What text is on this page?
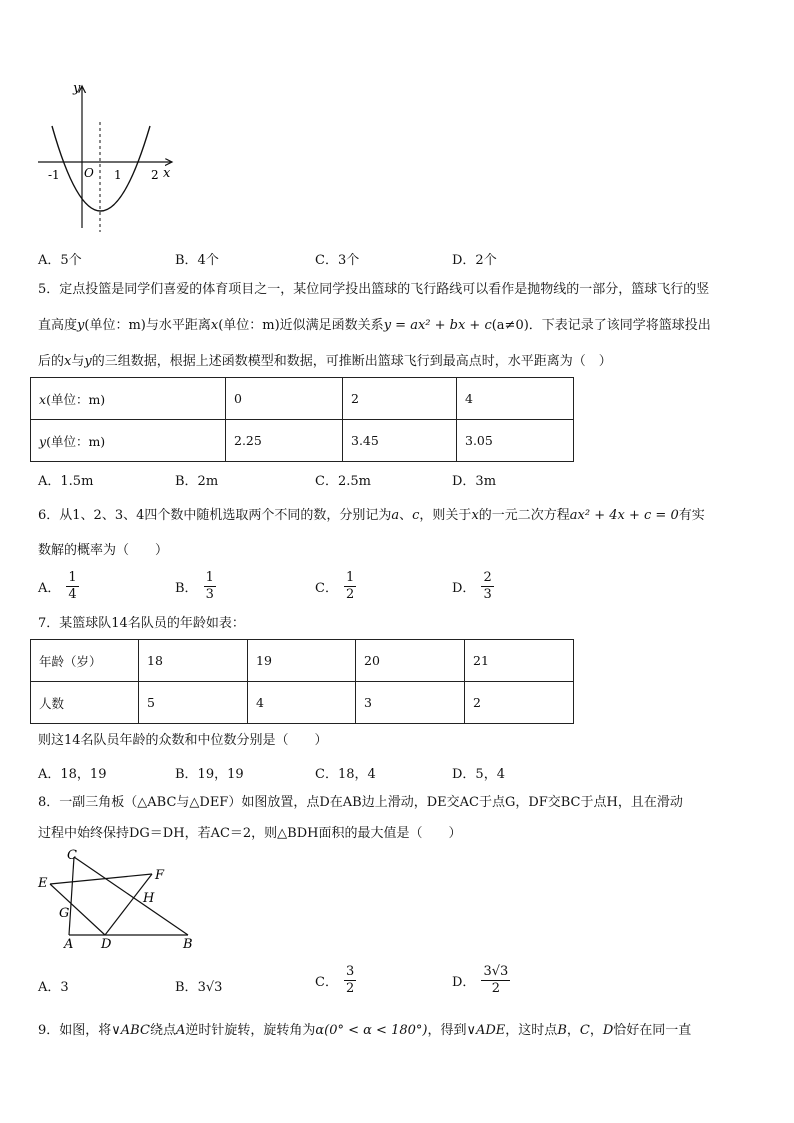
y
x
O
-1	1 2
A．5个	B．4个	C．3个	D．2个
5．定点投篮是同学们喜爱的体育项目之一，某位同学投出篮球的飞行路线可以看作是抛物线的一部分，篮球飞行的竖
直高度y(单位：m)与水平距离x(单位：m)近似满足函数关系y = ax² + bx + c(a≠0)．下表记录了该同学将篮球投出
后的x与y的三组数据，根据上述函数模型和数据，可推断出篮球飞行到最高点时，水平距离为（　）
x(单位：m)	0	2	4
y(单位：m)	2.25	3.45	3.05
A．1.5m	B．2m	C．2.5m	D．3m
6．从1、2、3、4四个数中随机选取两个不同的数，分别记为a、c，则关于x的一元二次方程ax² + 4x + c = 0有实
数解的概率为（　　）
A． $\frac{1}{4}$	B． $\frac{1}{3}$	C． $\frac{1}{2}$	D． $\frac{2}{3}$
7．某篮球队14名队员的年龄如表：
年龄（岁）	18	19	20	21
人数	5	4	3	2
则这14名队员年龄的众数和中位数分别是（　　）
A．18，19	B．19，19	C．18，4	D．5，4
8．一副三角板（△ABC与△DEF）如图放置，点D在AB边上滑动，DE交AC于点G，DF交BC于点H，且在滑动
过程中始终保持DG＝DH，若AC＝2，则△BDH面积的最大值是（　　）
C
E
F
H
G
A D	B
A．3	B．3√3	C． $\frac{3}{2}$	D． $\frac{3√3}{2}$
9．如图，将∨ABC绕点A逆时针旋转，旋转角为α(0° < α < 180°)，得到∨ADE，这时点B，C，D恰好在同一直
